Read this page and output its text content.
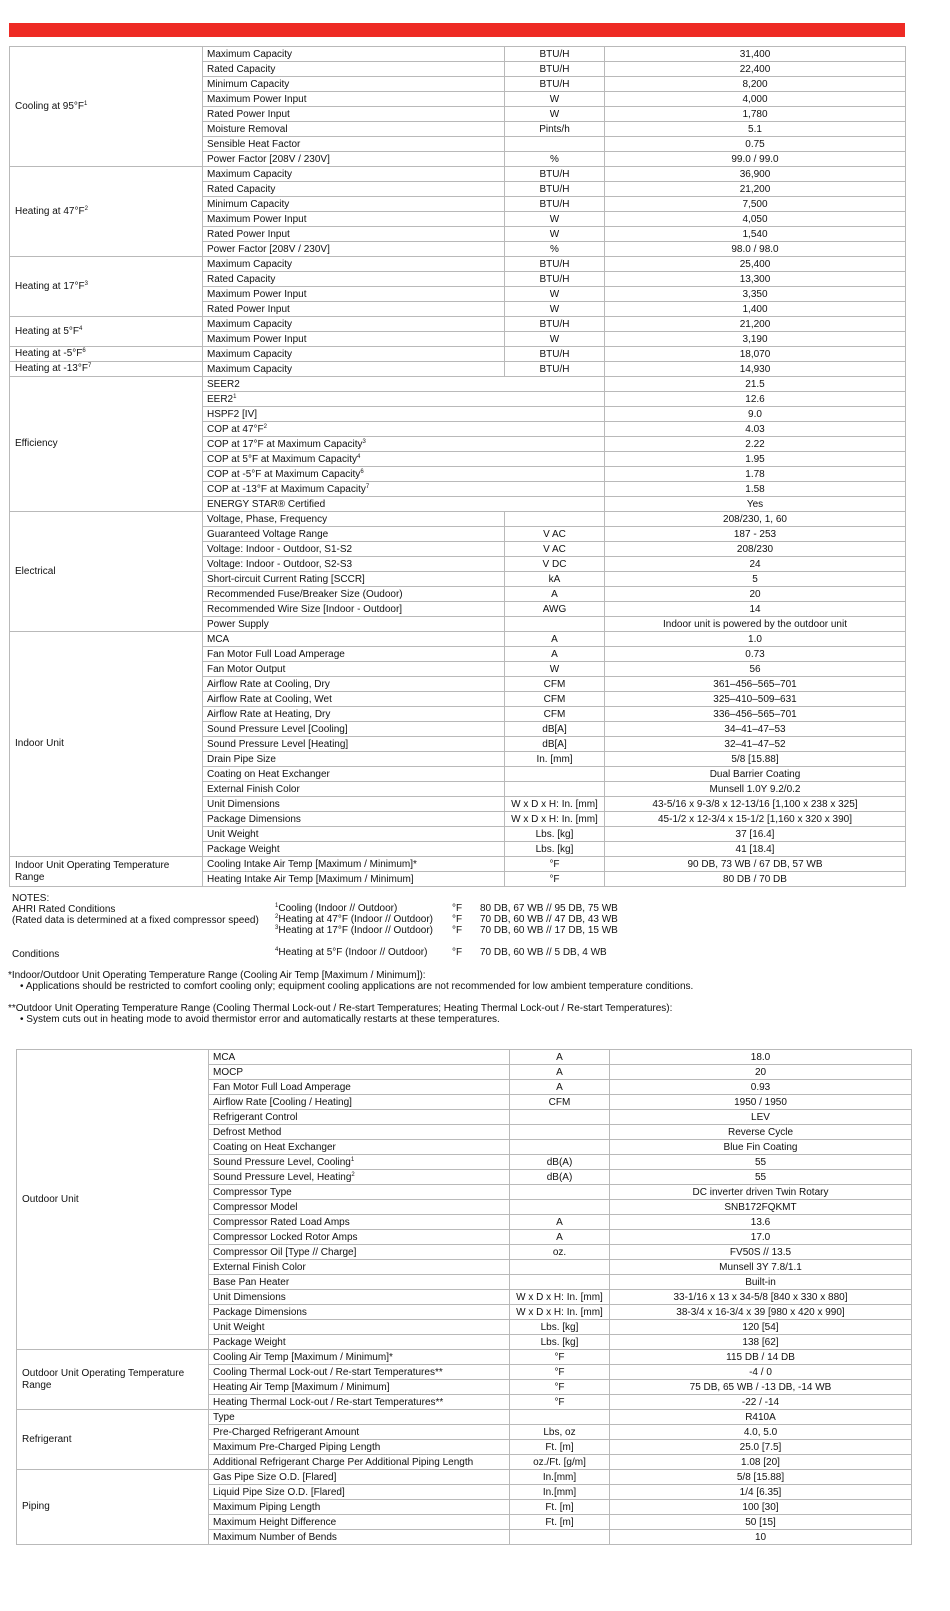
Cooling at $95^\circ F^1$	Maximum Capacity	BTU/H	31,400
	Rated Capacity	BTU/H	22,400
	Minimum Capacity	BTU/H	8,200
	Maximum Power Input	W	4,000
	Rated Power Input	W	1,780
	Moisture Removal	Pints/h	5.1
	Sensible Heat Factor		0.75
	Power Factor [208V / 230V]	%	99.0 / 99.0
Heating at $47^\circ F^2$	Maximum Capacity	BTU/H	36,900
	Rated Capacity	BTU/H	21,200
	Minimum Capacity	BTU/H	7,500
	Maximum Power Input	W	4,050
	Rated Power Input	W	1,540
	Power Factor [208V / 230V]	%	98.0 / 98.0
Heating at $17^\circ F^3$	Maximum Capacity	BTU/H	25,400
	Rated Capacity	BTU/H	13,300
	Maximum Power Input	W	3,350
	Rated Power Input	W	1,400
Heating at $5^\circ F^4$	Maximum Capacity	BTU/H	21,200
	Maximum Power Input	W	3,190
Heating at $-5^\circ F^6$	Maximum Capacity	BTU/H	18,070
Heating at $-13^\circ F^7$	Maximum Capacity	BTU/H	14,930
Efficiency	SEER2		21.5
	$EER2^1$		12.6
	HSPF2 [IV]		9.0
	COP at $47^\circ F^2$		4.03
	COP at 17°F at Maximum Capacity$^3$		2.22
	COP at 5°F at Maximum Capacity$^4$		1.95
	COP at -5°F at Maximum Capacity$^6$		1.78
	COP at -13°F at Maximum Capacity$^7$		1.58
	ENERGY STAR® Certified		Yes
Electrical	Voltage, Phase, Frequency		208/230, 1, 60
	Guaranteed Voltage Range	V AC	187 - 253
	Voltage: Indoor - Outdoor, S1-S2	V AC	208/230
	Voltage: Indoor - Outdoor, S2-S3	V DC	24
	Short-circuit Current Rating [SCCR]	kA	5
	Recommended Fuse/Breaker Size (Oudoor)	A	20
	Recommended Wire Size [Indoor - Outdoor]	AWG	14
	Power Supply		Indoor unit is powered by the outdoor unit
Indoor Unit	MCA	A	1.0
	Fan Motor Full Load Amperage	A	0.73
	Fan Motor Output	W	56
	Airflow Rate at Cooling, Dry	CFM	361–456–565–701
	Airflow Rate at Cooling, Wet	CFM	325–410–509–631
	Airflow Rate at Heating, Dry	CFM	336–456–565–701
	Sound Pressure Level [Cooling]	dB[A]	34–41–47–53
	Sound Pressure Level [Heating]	dB[A]	32–41–47–52
	Drain Pipe Size	In. [mm]	5/8 [15.88]
	Coating on Heat Exchanger		Dual Barrier Coating
	External Finish Color		Munsell 1.0Y 9.2/0.2
	Unit Dimensions	W x D x H: In. [mm]	43-5/16 x 9-3/8 x 12-13/16 [1,100 x 238 x 325]
	Package Dimensions	W x D x H: In. [mm]	45-1/2 x 12-3/4 x 15-1/2 [1,160 x 320 x 390]
	Unit Weight	Lbs. [kg]	37 [16.4]
	Package Weight	Lbs. [kg]	41 [18.4]
Indoor Unit Operating Temperature Range	Cooling Intake Air Temp [Maximum / Minimum]*	°F	90 DB, 73 WB / 67 DB, 57 WB
	Heating Intake Air Temp [Maximum / Minimum]	°F	80 DB / 70 DB
NOTES:
AHRI Rated Conditions
(Rated data is determined at a fixed compressor speed)
Conditions
$^1$Cooling (Indoor // Outdoor)	°F 80 DB, 67 WB // 95 DB, 75 WB
$^2$Heating at 47°F (Indoor // Outdoor) °F 70 DB, 60 WB // 47 DB, 43 WB
$^3$Heating at 17°F (Indoor // Outdoor) °F 70 DB, 60 WB // 17 DB, 15 WB
$^4$Heating at 5°F (Indoor // Outdoor) °F 70 DB, 60 WB // 5 DB, 4 WB
*Indoor/Outdoor Unit Operating Temperature Range (Cooling Air Temp [Maximum / Minimum]):
• Applications should be restricted to comfort cooling only; equipment cooling applications are not recommended for low ambient temperature conditions.
**Outdoor Unit Operating Temperature Range (Cooling Thermal Lock-out / Re-start Temperatures; Heating Thermal Lock-out / Re-start Temperatures):
• System cuts out in heating mode to avoid thermistor error and automatically restarts at these temperatures.
Outdoor Unit	MCA	A	18.0
	MOCP	A	20
	Fan Motor Full Load Amperage	A	0.93
	Airflow Rate [Cooling / Heating]	CFM	1950 / 1950
	Refrigerant Control		LEV
	Defrost Method		Reverse Cycle
	Coating on Heat Exchanger		Blue Fin Coating
	Sound Pressure Level, Cooling$^1$	dB(A)	55
	Sound Pressure Level, Heating$^2$	dB(A)	55
	Compressor Type		DC inverter driven Twin Rotary
	Compressor Model		SNB172FQKMT
	Compressor Rated Load Amps	A	13.6
	Compressor Locked Rotor Amps	A	17.0
	Compressor Oil [Type // Charge]	oz.	FV50S // 13.5
	External Finish Color		Munsell 3Y 7.8/1.1
	Base Pan Heater		Built-in
	Unit Dimensions	W x D x H: In. [mm]	33-1/16 x 13 x 34-5/8 [840 x 330 x 880]
	Package Dimensions	W x D x H: In. [mm]	38-3/4 x 16-3/4 x 39 [980 x 420 x 990]
	Unit Weight	Lbs. [kg]	120 [54]
	Package Weight	Lbs. [kg]	138 [62]
Outdoor Unit Operating Temperature Range	Cooling Air Temp [Maximum / Minimum]*	°F	115 DB / 14 DB
	Cooling Thermal Lock-out / Re-start Temperatures**	°F	-4 / 0
	Heating Air Temp [Maximum / Minimum]	°F	75 DB, 65 WB / -13 DB, -14 WB
	Heating Thermal Lock-out / Re-start Temperatures**	°F	-22 / -14
Refrigerant	Type		R410A
	Pre-Charged Refrigerant Amount	Lbs, oz	4.0, 5.0
	Maximum Pre-Charged Piping Length	Ft. [m]	25.0 [7.5]
	Additional Refrigerant Charge Per Additional Piping Length	oz./Ft. [g/m]	1.08 [20]
Piping	Gas Pipe Size O.D. [Flared]	In.[mm]	5/8 [15.88]
	Liquid Pipe Size O.D. [Flared]	In.[mm]	1/4 [6.35]
	Maximum Piping Length	Ft. [m]	100 [30]
	Maximum Height Difference	Ft. [m]	50 [15]
	Maximum Number of Bends		10
